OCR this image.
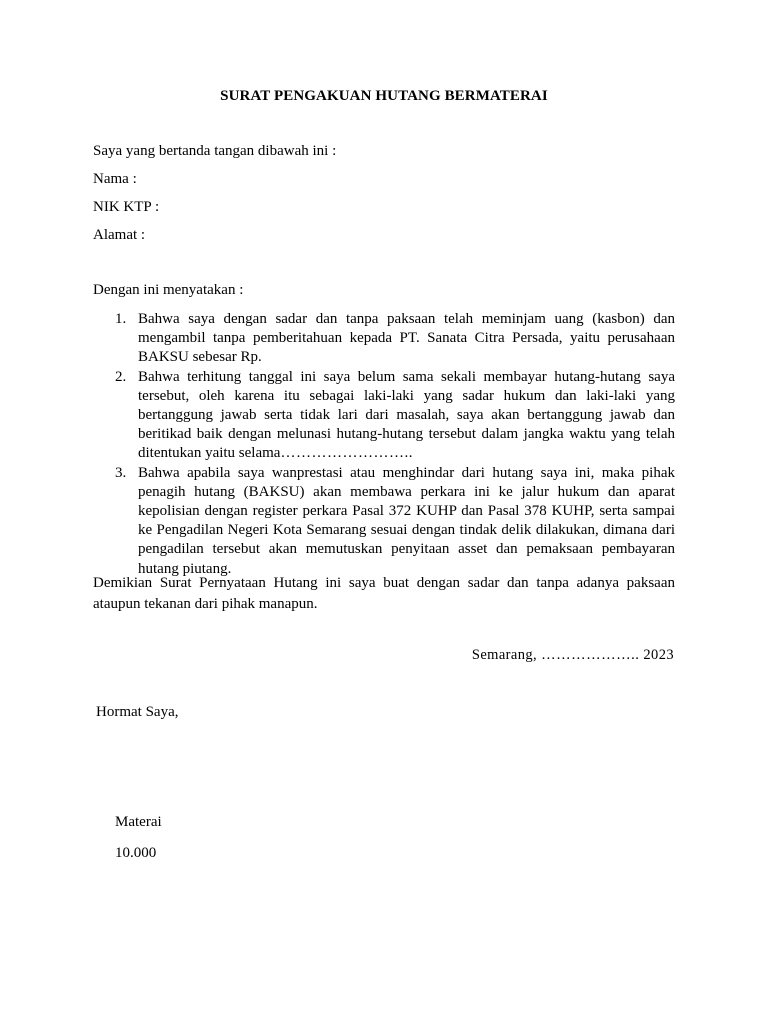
SURAT PENGAKUAN HUTANG BERMATERAI
Saya yang bertanda tangan dibawah ini :
Nama :
NIK KTP :
Alamat :
Dengan ini menyatakan :
1. Bahwa saya dengan sadar dan tanpa paksaan telah meminjam uang (kasbon) dan mengambil tanpa pemberitahuan kepada PT. Sanata Citra Persada, yaitu perusahaan BAKSU sebesar Rp.
2. Bahwa terhitung tanggal ini saya belum sama sekali membayar hutang-hutang saya tersebut, oleh karena itu sebagai laki-laki yang sadar hukum dan laki-laki yang bertanggung jawab serta tidak lari dari masalah, saya akan bertanggung jawab dan beritikad baik dengan melunasi hutang-hutang tersebut dalam jangka waktu yang telah ditentukan yaitu selama……………………..
3. Bahwa apabila saya wanprestasi atau menghindar dari hutang saya ini, maka pihak penagih hutang (BAKSU) akan membawa perkara ini ke jalur hukum dan aparat kepolisian dengan register perkara Pasal 372 KUHP dan Pasal 378 KUHP, serta sampai ke Pengadilan Negeri Kota Semarang sesuai dengan tindak delik dilakukan, dimana dari pengadilan tersebut akan memutuskan penyitaan asset dan pemaksaan pembayaran hutang piutang.
Demikian Surat Pernyataan Hutang ini saya buat dengan sadar dan tanpa adanya paksaan ataupun tekanan dari pihak manapun.
Semarang, ……………….. 2023
Hormat Saya,
Materai
10.000
